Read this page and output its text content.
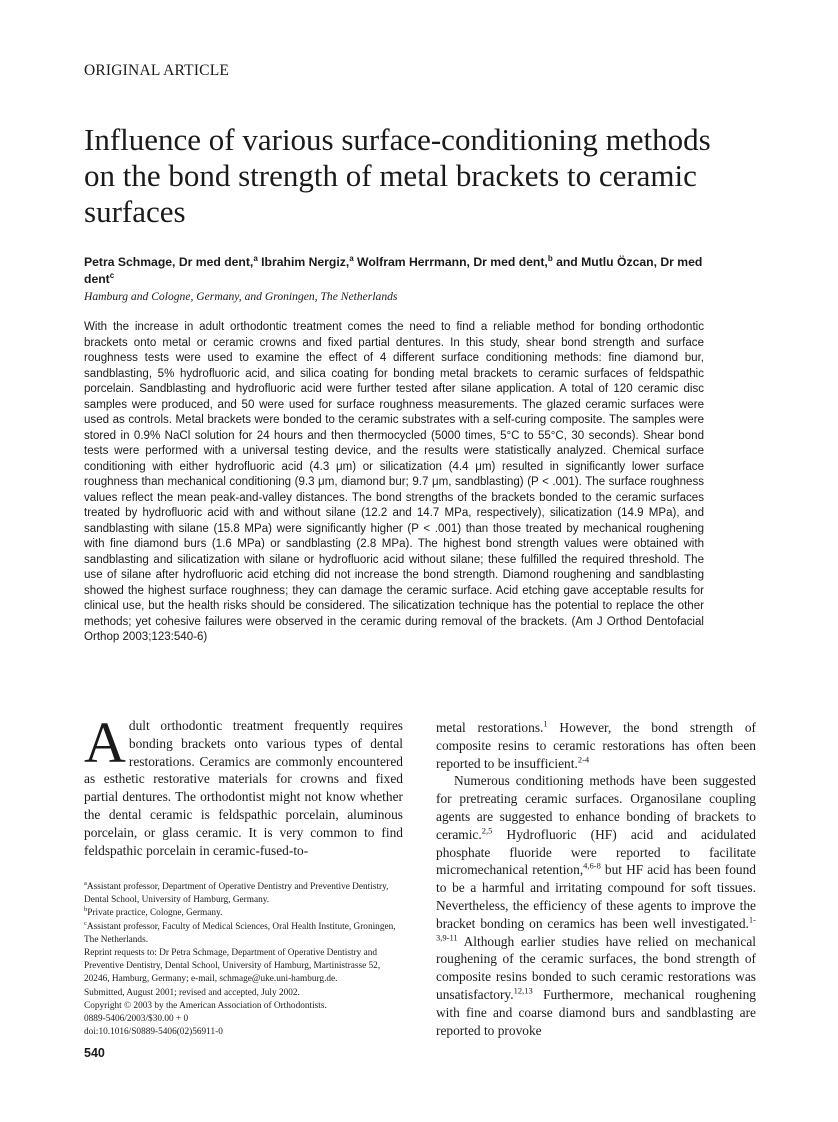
ORIGINAL ARTICLE
Influence of various surface-conditioning methods on the bond strength of metal brackets to ceramic surfaces
Petra Schmage, Dr med dent,$^a$ Ibrahim Nergiz,$^a$ Wolfram Herrmann, Dr med dent,$^b$ and Mutlu Özcan, Dr med dent$^c$
Hamburg and Cologne, Germany, and Groningen, The Netherlands
With the increase in adult orthodontic treatment comes the need to find a reliable method for bonding orthodontic brackets onto metal or ceramic crowns and fixed partial dentures. In this study, shear bond strength and surface roughness tests were used to examine the effect of 4 different surface conditioning methods: fine diamond bur, sandblasting, 5% hydrofluoric acid, and silica coating for bonding metal brackets to ceramic surfaces of feldspathic porcelain. Sandblasting and hydrofluoric acid were further tested after silane application. A total of 120 ceramic disc samples were produced, and 50 were used for surface roughness measurements. The glazed ceramic surfaces were used as controls. Metal brackets were bonded to the ceramic substrates with a self-curing composite. The samples were stored in 0.9% NaCl solution for 24 hours and then thermocycled (5000 times, 5°C to 55°C, 30 seconds). Shear bond tests were performed with a universal testing device, and the results were statistically analyzed. Chemical surface conditioning with either hydrofluoric acid (4.3 μm) or silicatization (4.4 μm) resulted in significantly lower surface roughness than mechanical conditioning (9.3 μm, diamond bur; 9.7 μm, sandblasting) (P < .001). The surface roughness values reflect the mean peak-and-valley distances. The bond strengths of the brackets bonded to the ceramic surfaces treated by hydrofluoric acid with and without silane (12.2 and 14.7 MPa, respectively), silicatization (14.9 MPa), and sandblasting with silane (15.8 MPa) were significantly higher (P < .001) than those treated by mechanical roughening with fine diamond burs (1.6 MPa) or sandblasting (2.8 MPa). The highest bond strength values were obtained with sandblasting and silicatization with silane or hydrofluoric acid without silane; these fulfilled the required threshold. The use of silane after hydrofluoric acid etching did not increase the bond strength. Diamond roughening and sandblasting showed the highest surface roughness; they can damage the ceramic surface. Acid etching gave acceptable results for clinical use, but the health risks should be considered. The silicatization technique has the potential to replace the other methods; yet cohesive failures were observed in the ceramic during removal of the brackets. (Am J Orthod Dentofacial Orthop 2003;123:540-6)

Adult orthodontic treatment frequently requires bonding brackets onto various types of dental restorations. Ceramics are commonly encountered as esthetic restorative materials for crowns and fixed partial dentures. The orthodontist might not know whether the dental ceramic is feldspathic porcelain, aluminous porcelain, or glass ceramic. It is very common to find feldspathic porcelain in ceramic-fused-to-

$^a$Assistant professor, Department of Operative Dentistry and Preventive Dentistry, Dental School, University of Hamburg, Germany.
$^b$Private practice, Cologne, Germany.
$^c$Assistant professor, Faculty of Medical Sciences, Oral Health Institute, Groningen, The Netherlands.
Reprint requests to: Dr Petra Schmage, Department of Operative Dentistry and Preventive Dentistry, Dental School, University of Hamburg, Martinistrasse 52, 20246, Hamburg, Germany; e-mail, schmage@uke.uni-hamburg.de.
Submitted, August 2001; revised and accepted, July 2002.
Copyright © 2003 by the American Association of Orthodontists.
0889-5406/2003/$30.00 + 0
doi:10.1016/S0889-5406(02)56911-0
540

metal restorations.$^1$ However, the bond strength of composite resins to ceramic restorations has often been reported to be insufficient.$^{2-4}$

Numerous conditioning methods have been suggested for pretreating ceramic surfaces. Organosilane coupling agents are suggested to enhance bonding of brackets to ceramic.$^{2,5}$ Hydrofluoric (HF) acid and acidulated phosphate fluoride were reported to facilitate micromechanical retention,$^{4,6-8}$ but HF acid has been found to be a harmful and irritating compound for soft tissues. Nevertheless, the efficiency of these agents to improve the bracket bonding on ceramics has been well investigated.$^{1-3,9-11}$ Although earlier studies have relied on mechanical roughening of the ceramic surfaces, the bond strength of composite resins bonded to such ceramic restorations was unsatisfactory.$^{12,13}$ Furthermore, mechanical roughening with fine and coarse diamond burs and sandblasting are reported to provoke
